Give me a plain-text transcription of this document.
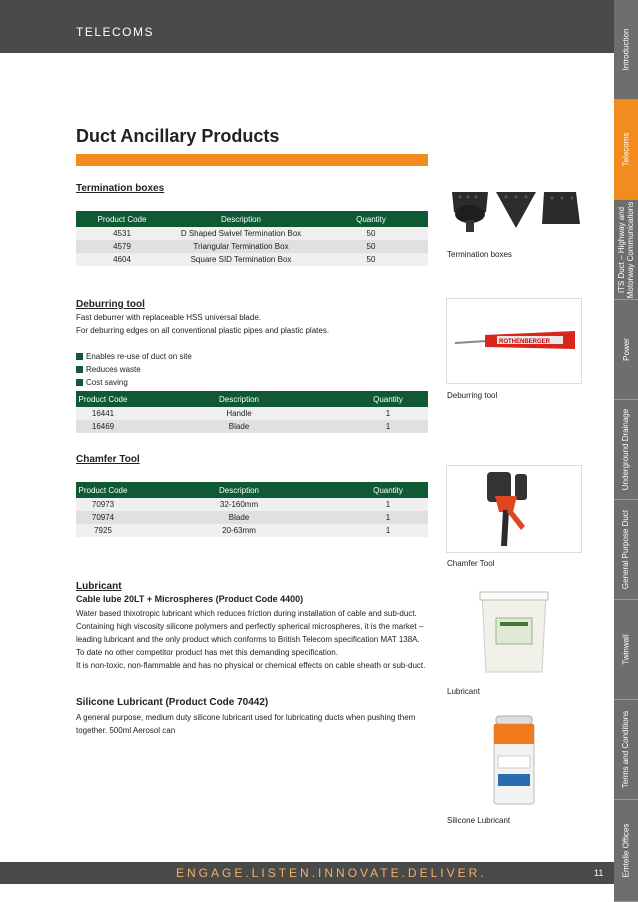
TELECOMS	Introduction
Telecoms
ITS Duct – Highway and Motorway Communications
Power
Underground Drainage
General Purpose Duct
Twinwall
Terms and Conditions
Emtelle Offices
Duct Ancillary Products
Termination boxes
Product Code	Description	Quantity
4531	D Shaped Swivel Termination Box	50
4579	Triangular Termination Box	50
4604	Square SID Termination Box	50
Termination boxes
Deburring tool
Fast deburrer with replaceable HSS universal blade.
For deburring edges on all conventional plastic pipes and plastic plates.
Enables re-use of duct on site
Reduces waste
Cost saving
Product Code	Description	Quantity
16441	Handle	1
16469	Blade	1
ROTHENBERGER
Deburring tool
Chamfer Tool
Product Code	Description	Quantity
70973	32-160mm	1
70974	Blade	1
7925	20-63mm	1
Chamfer Tool
Lubricant
Cable lube 20LT + Microspheres (Product Code 4400)
Water based thixotropic lubricant which reduces friction during installation of cable and sub-duct.
Containing high viscosity silicone polymers and perfectly spherical microspheres, it is the market –
leading lubricant and the only product which conforms to British Telecom specification MAT 138A.
To date no other competitor product has met this demanding specification.
It is non-toxic, non-flammable and has no physical or chemical effects on cable sheath or sub-duct.
Lubricant
Silicone Lubricant (Product Code 70442)
A general purpose, medium duty silicone lubricant used for lubricating ducts when pushing them
together. 500ml Aerosol can
Silicone Lubricant
ENGAGE.LISTEN.INNOVATE.DELIVER.	11
